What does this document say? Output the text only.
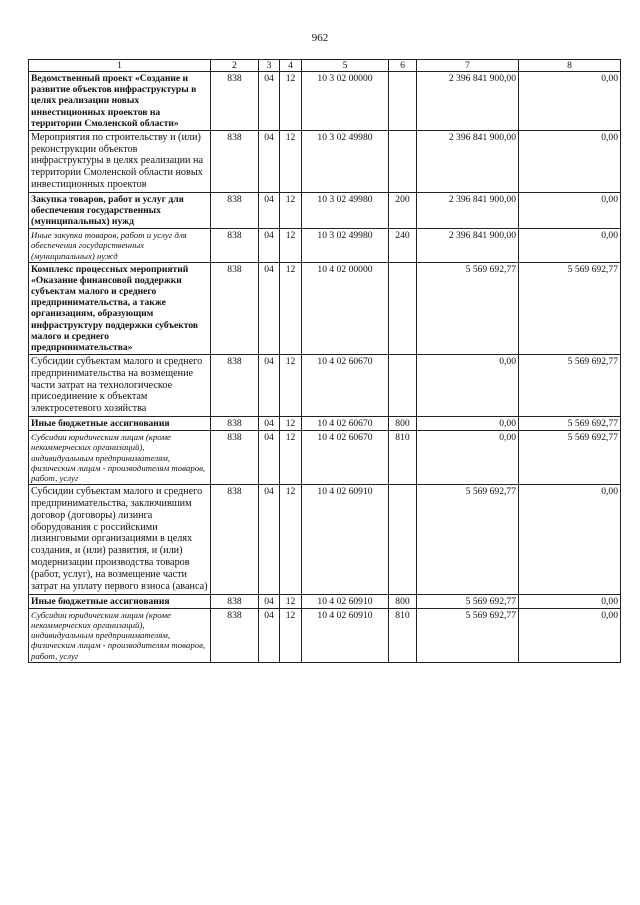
962
1	2	3	4	5	6	7	8
Ведомственный проект «Создание и развитие объектов инфраструктуры в целях реализации новых инвестиционных проектов на территории Смоленской области»	838	04	12	10 3 02 00000		2 396 841 900,00	0,00
Мероприятия по строительству и (или) реконструкции объектов инфраструктуры в целях реализации на территории Смоленской области новых инвестиционных проектов	838	04	12	10 3 02 49980		2 396 841 900,00	0,00
Закупка товаров, работ и услуг для обеспечения государственных (муниципальных) нужд	838	04	12	10 3 02 49980	200	2 396 841 900,00	0,00
Иные закупки товаров, работ и услуг для обеспечения государственных (муниципальных) нужд	838	04	12	10 3 02 49980	240	2 396 841 900,00	0,00
Комплекс процессных мероприятий «Оказание финансовой поддержки субъектам малого и среднего предпринимательства, а также организациям, образующим инфраструктуру поддержки субъектов малого и среднего предпринимательства»	838	04	12	10 4 02 00000		5 569 692,77	5 569 692,77
Субсидии субъектам малого и среднего предпринимательства на возмещение части затрат на технологическое присоединение к объектам электросетевого хозяйства	838	04	12	10 4 02 60670		0,00	5 569 692,77
Иные бюджетные ассигнования	838	04	12	10 4 02 60670	800	0,00	5 569 692,77
Субсидии юридическим лицам (кроме некоммерческих организаций), индивидуальным предпринимателям, физическим лицам - производителям товаров, работ, услуг	838	04	12	10 4 02 60670	810	0,00	5 569 692,77
Субсидии субъектам малого и среднего предпринимательства, заключившим договор (договоры) лизинга оборудования с российскими лизинговыми организациями в целях создания, и (или) развития, и (или) модернизации производства товаров (работ, услуг), на возмещение части затрат на уплату первого взноса (аванса)	838	04	12	10 4 02 60910		5 569 692,77	0,00
Иные бюджетные ассигнования	838	04	12	10 4 02 60910	800	5 569 692,77	0,00
Субсидии юридическим лицам (кроме некоммерческих организаций), индивидуальным предпринимателям, физическим лицам - производителям товаров, работ, услуг	838	04	12	10 4 02 60910	810	5 569 692,77	0,00
